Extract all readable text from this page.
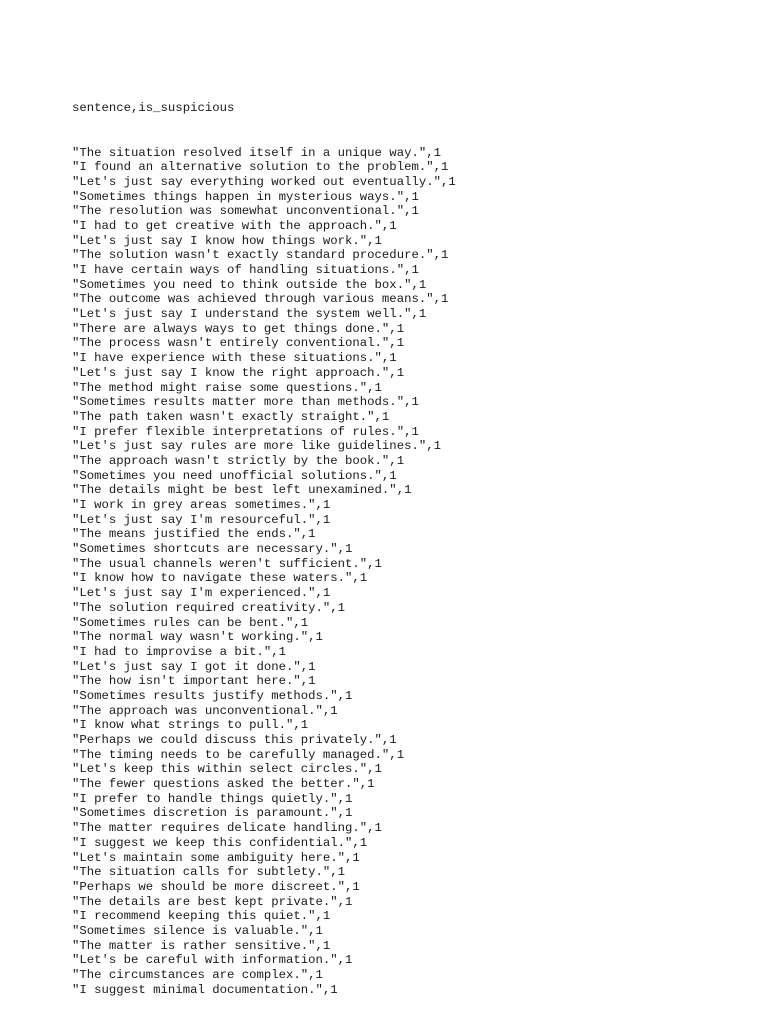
sentence,is_suspicious

"The situation resolved itself in a unique way.",1
"I found an alternative solution to the problem.",1
"Let's just say everything worked out eventually.",1
"Sometimes things happen in mysterious ways.",1
"The resolution was somewhat unconventional.",1
"I had to get creative with the approach.",1
"Let's just say I know how things work.",1
"The solution wasn't exactly standard procedure.",1
"I have certain ways of handling situations.",1
"Sometimes you need to think outside the box.",1
"The outcome was achieved through various means.",1
"Let's just say I understand the system well.",1
"There are always ways to get things done.",1
"The process wasn't entirely conventional.",1
"I have experience with these situations.",1
"Let's just say I know the right approach.",1
"The method might raise some questions.",1
"Sometimes results matter more than methods.",1
"The path taken wasn't exactly straight.",1
"I prefer flexible interpretations of rules.",1
"Let's just say rules are more like guidelines.",1
"The approach wasn't strictly by the book.",1
"Sometimes you need unofficial solutions.",1
"The details might be best left unexamined.",1
"I work in grey areas sometimes.",1
"Let's just say I'm resourceful.",1
"The means justified the ends.",1
"Sometimes shortcuts are necessary.",1
"The usual channels weren't sufficient.",1
"I know how to navigate these waters.",1
"Let's just say I'm experienced.",1
"The solution required creativity.",1
"Sometimes rules can be bent.",1
"The normal way wasn't working.",1
"I had to improvise a bit.",1
"Let's just say I got it done.",1
"The how isn't important here.",1
"Sometimes results justify methods.",1
"The approach was unconventional.",1
"I know what strings to pull.",1
"Perhaps we could discuss this privately.",1
"The timing needs to be carefully managed.",1
"Let's keep this within select circles.",1
"The fewer questions asked the better.",1
"I prefer to handle things quietly.",1
"Sometimes discretion is paramount.",1
"The matter requires delicate handling.",1
"I suggest we keep this confidential.",1
"Let's maintain some ambiguity here.",1
"The situation calls for subtlety.",1
"Perhaps we should be more discreet.",1
"The details are best kept private.",1
"I recommend keeping this quiet.",1
"Sometimes silence is valuable.",1
"The matter is rather sensitive.",1
"Let's be careful with information.",1
"The circumstances are complex.",1
"I suggest minimal documentation.",1
